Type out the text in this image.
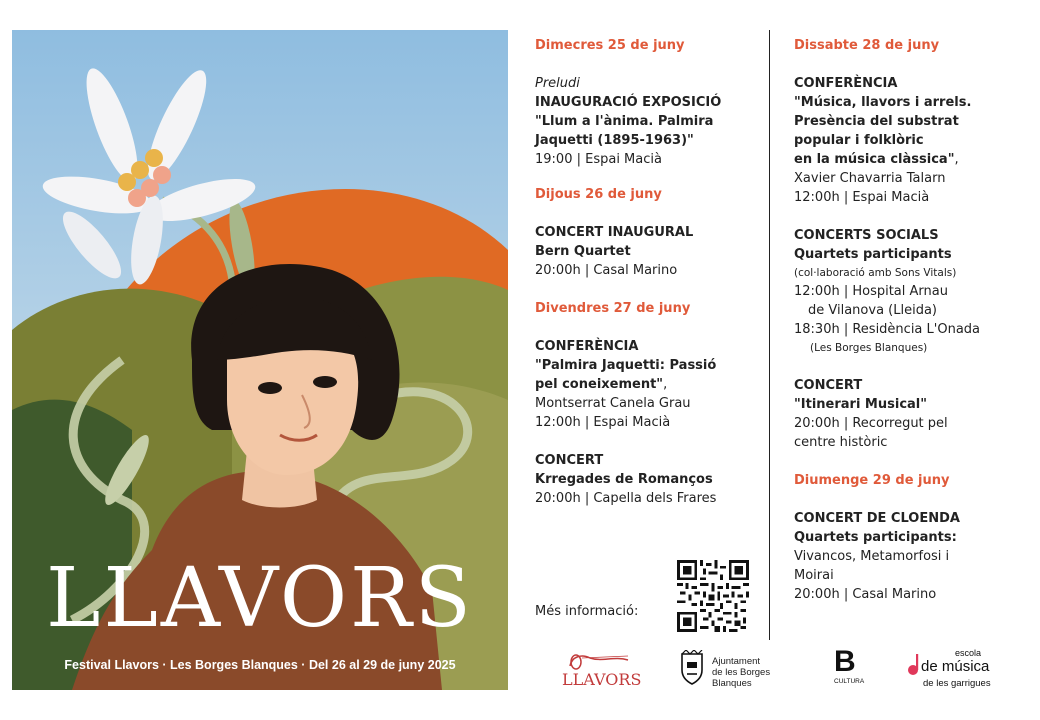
LLAVORS
Festival Llavors · Les Borges Blanques · Del 26 al 29 de juny 2025
Dimecres 25 de juny
Preludi
INAUGURACIÓ EXPOSICIÓ
"Llum a l'ànima. Palmira
Jaquetti (1895-1963)"
19:00 | Espai Macià
Dijous 26 de juny
CONCERT INAUGURAL
Bern Quartet
20:00h | Casal Marino
Divendres 27 de juny
CONFERÈNCIA
"Palmira Jaquetti: Passió
pel coneixement",
Montserrat Canela Grau
12:00h | Espai Macià
CONCERT
Krregades de Romanços
20:00h | Capella dels Frares
Dissabte 28 de juny
CONFERÈNCIA
"Música, llavors i arrels.
Presència del substrat
popular i folklòric
en la música clàssica",
Xavier Chavarria Talarn
12:00h | Espai Macià
CONCERTS SOCIALS
Quartets participants
(col·laboració amb Sons Vitals)
12:00h | Hospital Arnau
de Vilanova (Lleida)
18:30h | Residència L'Onada
(Les Borges Blanques)
CONCERT
"Itinerari Musical"
20:00h | Recorregut pel
centre històric
Diumenge 29 de juny
CONCERT DE CLOENDA
Quartets participants:
Vivancos, Metamorfosi i
Moirai
20:00h | Casal Marino
Més informació:
LLAVORS
Ajuntament
de les Borges
Blanques
B
CULTURA
escola
de música
de les garrigues
